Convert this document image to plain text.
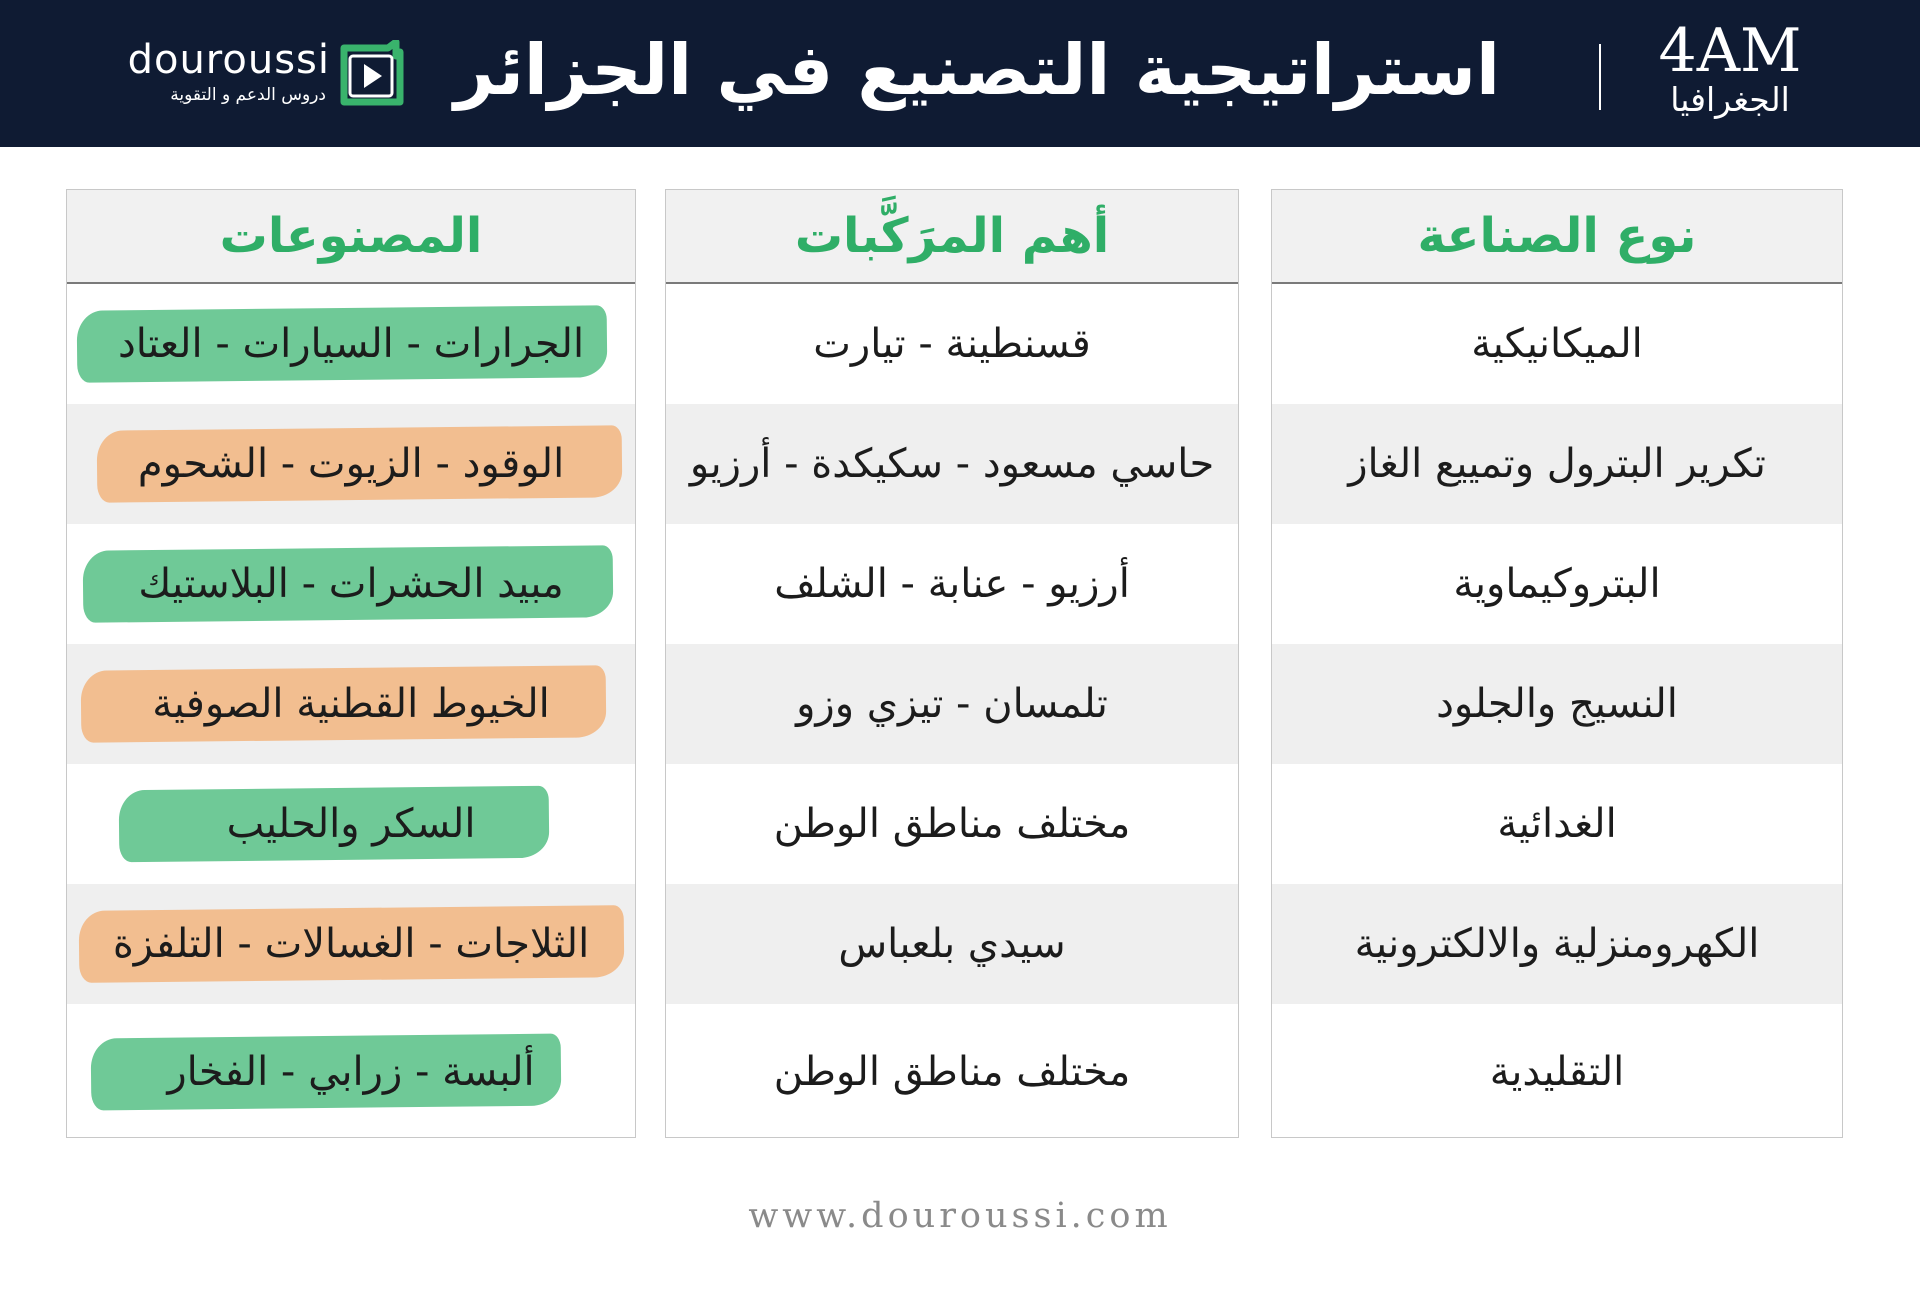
douroussi
دروس الدعم و التقوية استراتيجية التصنيع في الجزائر	4AM
الجغرافيا
نوع الصناعة
الميكانيكية
تكرير البترول وتمييع الغاز
البتروكيماوية
النسيج والجلود
الغدائية
الكهرومنزلية والالكترونية
التقليدية
أهم المرَكَّبات
قسنطينة - تيارت
حاسي مسعود - سكيكدة - أرزيو
أرزيو - عنابة - الشلف
تلمسان - تيزي وزو
مختلف مناطق الوطن
سيدي بلعباس
مختلف مناطق الوطن
المصنوعات
الجرارات - السيارات - العتاد
الوقود - الزيوت - الشحوم
مبيد الحشرات - البلاستيك
الخيوط القطنية الصوفية
السكر والحليب
الثلاجات - الغسالات - التلفزة
ألبسة - زرابي - الفخار
www.douroussi.com
